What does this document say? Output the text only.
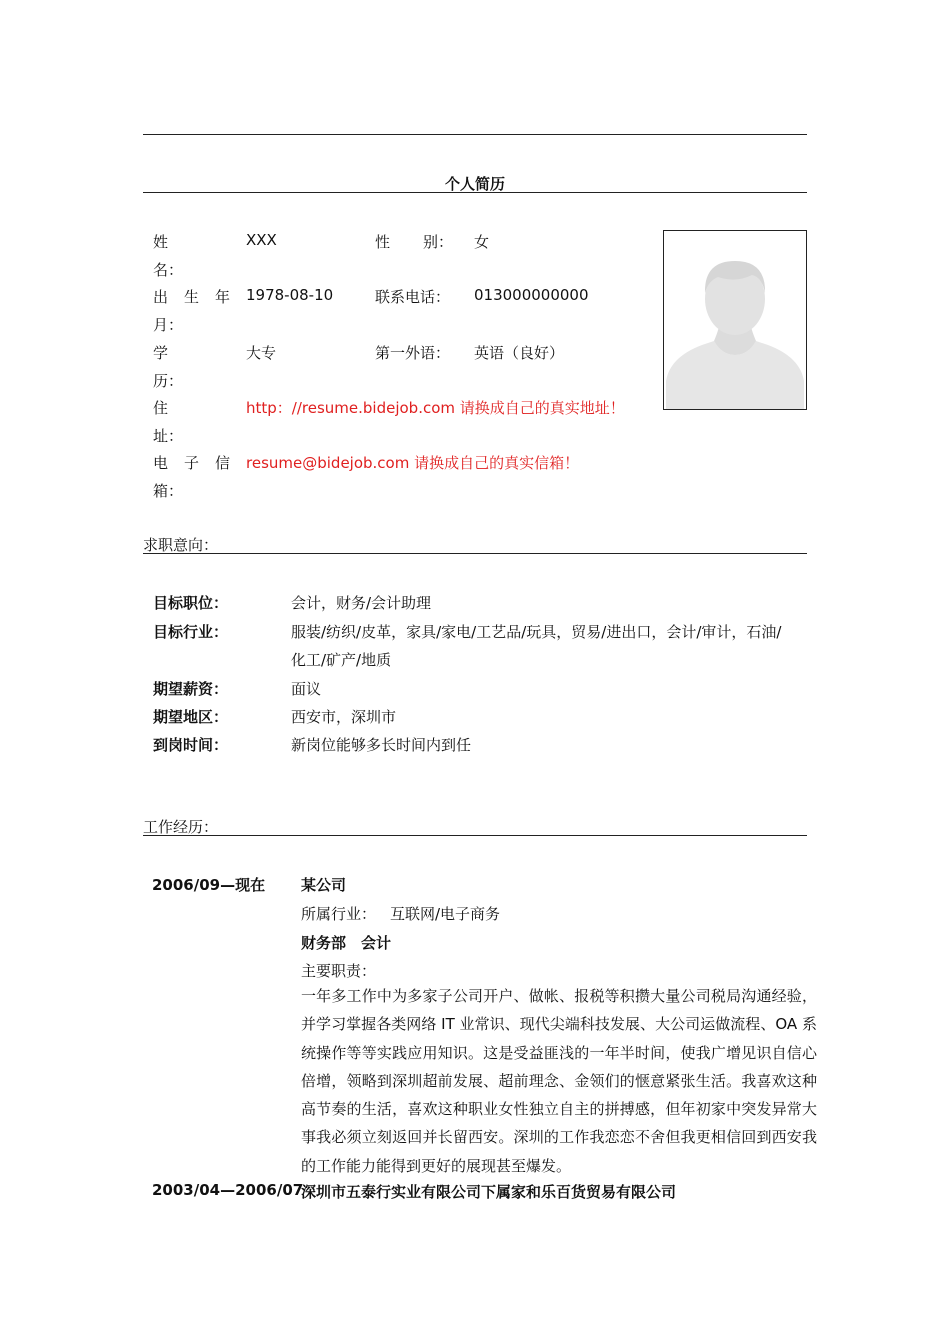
个人简历
姓
名：
XXX	性 别： 女
出 生 年
月：
1978-08-10	联系电话： 013000000000
学
历：
大专	第一外语： 英语（良好）
住
址：
http：//resume.bidejob.com 请换成自己的真实地址！
电 子 信
箱：
resume@bidejob.com 请换成自己的真实信箱！
求职意向：
目标职位：	会计，财务/会计助理
目标行业：	服装/纺织/皮革，家具/家电/工艺品/玩具，贸易/进出口，会计/审计，石油/
化工/矿产/地质
期望薪资：	面议
期望地区：	西安市，深圳市
到岗时间：	新岗位能够多长时间内到任
工作经历：
2006/09—现在 某公司
所属行业： 互联网/电子商务
财务部　会计
主要职责：
一年多工作中为多家子公司开户、做帐、报税等积攒大量公司税局沟通经验，并学习掌握各类网络 IT 业常识、现代尖端科技发展、大公司运做流程、OA 系统操作等等实践应用知识。这是受益匪浅的一年半时间，使我广增见识自信心倍增，领略到深圳超前发展、超前理念、金领们的惬意紧张生活。我喜欢这种高节奏的生活，喜欢这种职业女性独立自主的拼搏感，但年初家中突发异常大事我必须立刻返回并长留西安。深圳的工作我恋恋不舍但我更相信回到西安我的工作能力能得到更好的展现甚至爆发。
2003/04—2006/07
深圳市五泰行实业有限公司下属家和乐百货贸易有限公司
